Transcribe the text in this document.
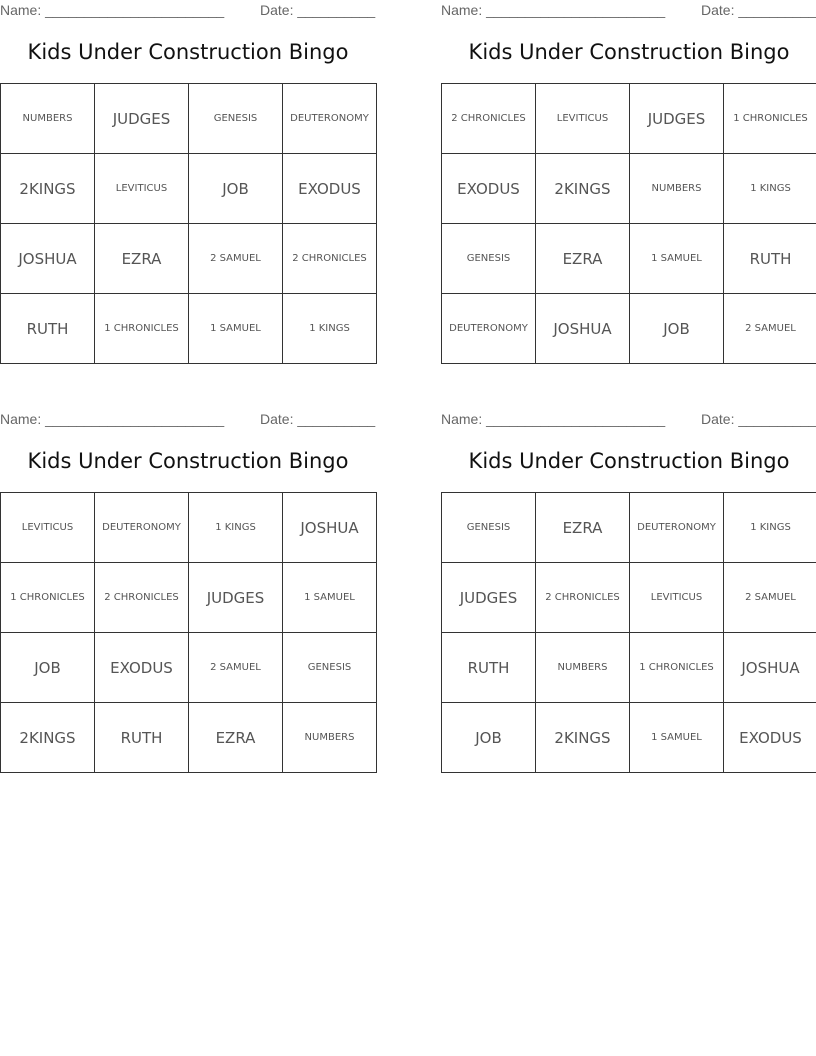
Name: _______________________	Date: __________
Kids Under Construction Bingo
NUMBERS	JUDGES	GENESIS	DEUTERONOMY
2KINGS	LEVITICUS	JOB	EXODUS
JOSHUA	EZRA	2 SAMUEL	2 CHRONICLES
RUTH	1 CHRONICLES	1 SAMUEL	1 KINGS
Name: _______________________	Date: __________
Kids Under Construction Bingo
2 CHRONICLES	LEVITICUS	JUDGES	1 CHRONICLES
EXODUS	2KINGS	NUMBERS	1 KINGS
GENESIS	EZRA	1 SAMUEL	RUTH
DEUTERONOMY	JOSHUA	JOB	2 SAMUEL
Name: _______________________	Date: __________
Kids Under Construction Bingo
LEVITICUS	DEUTERONOMY	1 KINGS	JOSHUA
1 CHRONICLES	2 CHRONICLES	JUDGES	1 SAMUEL
JOB	EXODUS	2 SAMUEL	GENESIS
2KINGS	RUTH	EZRA	NUMBERS
Name: _______________________	Date: __________
Kids Under Construction Bingo
GENESIS	EZRA	DEUTERONOMY	1 KINGS
JUDGES	2 CHRONICLES	LEVITICUS	2 SAMUEL
RUTH	NUMBERS	1 CHRONICLES	JOSHUA
JOB	2KINGS	1 SAMUEL	EXODUS
